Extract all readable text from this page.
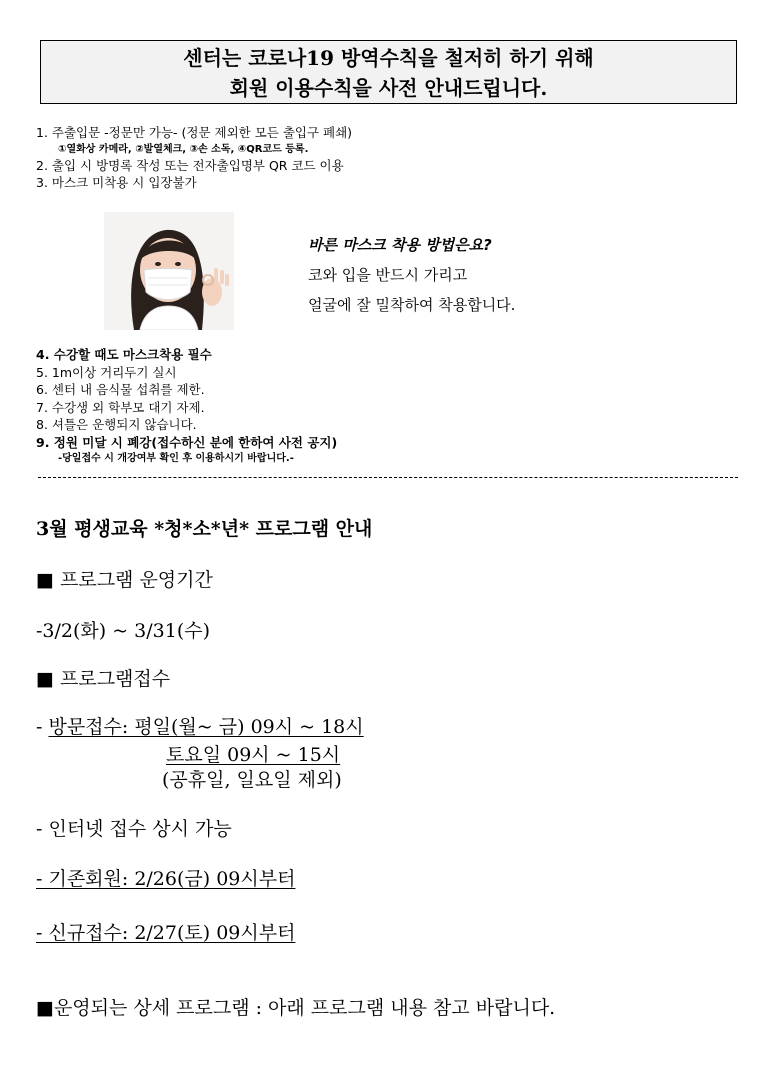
센터는 코로나19 방역수칙을 철저히 하기 위해
회원 이용수칙을 사전 안내드립니다.
1. 주출입문 -정문만 가능- (정문 제외한 모든 출입구 폐쇄)
①열화상 카메라, ②발열체크, ③손 소독, ④QR코드 등록.
2. 출입 시 방명록 작성 또는 전자출입명부 QR 코드 이용
3. 마스크 미착용 시 입장불가
바른 마스크 착용 방법은요?
코와 입을 반드시 가리고
얼굴에 잘 밀착하여 착용합니다.
4. 수강할 때도 마스크착용 필수
5. 1m이상 거리두기 실시
6. 센터 내 음식물 섭취를 제한.
7. 수강생 외 학부모 대기 자제.
8. 셔틀은 운행되지 않습니다.
9. 정원 미달 시 폐강(접수하신 분에 한하여 사전 공지)
-당일접수 시 개강여부 확인 후 이용하시기 바랍니다.-
3월 평생교육 *청*소*년* 프로그램 안내
■ 프로그램 운영기간
-3/2(화) ~ 3/31(수)
■ 프로그램접수
- 방문접수: 평일(월~ 금) 09시 ~ 18시
토요일 09시 ~ 15시
(공휴일, 일요일 제외)
- 인터넷 접수 상시 가능
- 기존회원: 2/26(금) 09시부터
- 신규접수: 2/27(토) 09시부터
■운영되는 상세 프로그램 : 아래 프로그램 내용 참고 바랍니다.
